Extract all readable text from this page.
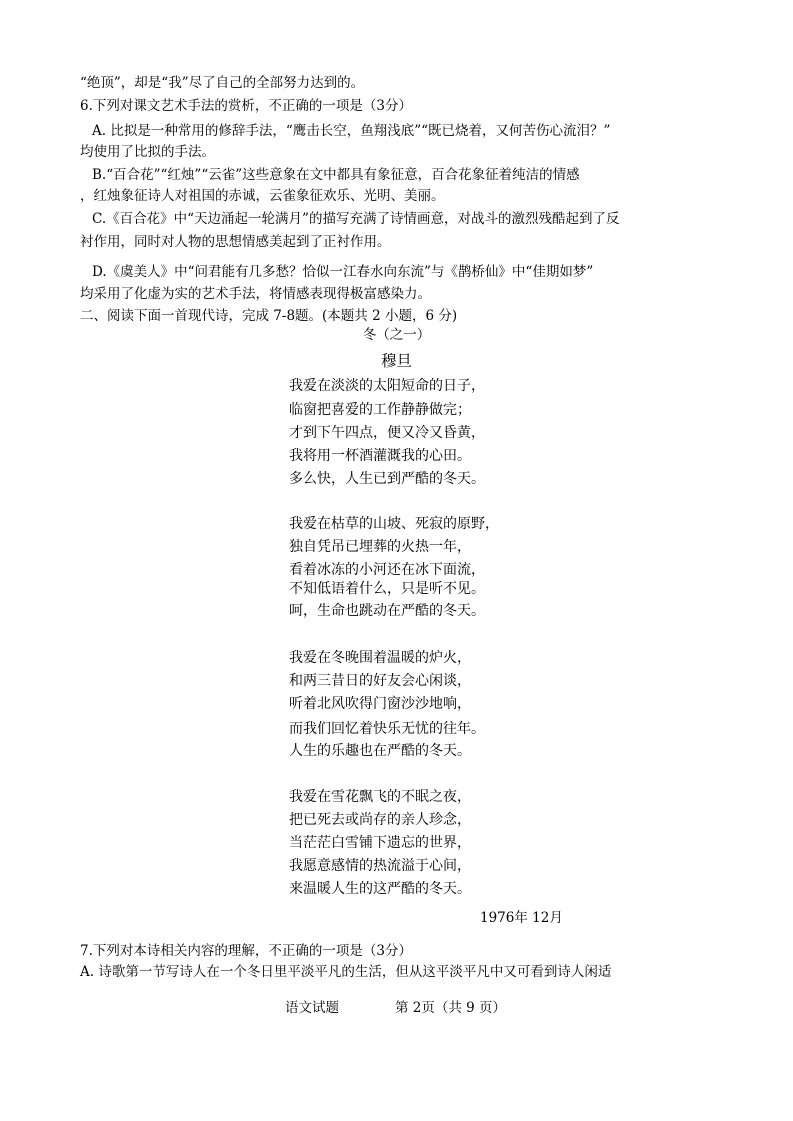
“绝顶”，却是“我”尽了自己的全部努力达到的。
6.下列对课文艺术手法的赏析，不正确的一项是（3分）
A. 比拟是一种常用的修辞手法，“鹰击长空，鱼翔浅底”“既已烧着，又何苦伤心流泪？”
均使用了比拟的手法。
B.“百合花”“红烛”“云雀”这些意象在文中都具有象征意，百合花象征着纯洁的情感
，红烛象征诗人对祖国的赤诚，云雀象征欢乐、光明、美丽。
C.《百合花》中“天边涌起一轮满月”的描写充满了诗情画意，对战斗的激烈残酷起到了反
衬作用，同时对人物的思想情感美起到了正衬作用。
D.《虞美人》中“问君能有几多愁？恰似一江春水向东流”与《鹊桥仙》中“佳期如梦”
均采用了化虚为实的艺术手法，将情感表现得极富感染力。
二、阅读下面一首现代诗，完成 7-8题。(本题共 2 小题，6 分)
冬（之一）
穆旦
我爱在淡淡的太阳短命的日子，
临窗把喜爱的工作静静做完；
才到下午四点，便又冷又昏黄，
我将用一杯酒灌溉我的心田。
多么快，人生已到严酷的冬天。
我爱在枯草的山坡、死寂的原野，
独自凭吊已埋葬的火热一年，
看着冰冻的小河还在冰下面流，
不知低语着什么，只是听不见。
呵，生命也跳动在严酷的冬天。
我爱在冬晚围着温暖的炉火，
和两三昔日的好友会心闲谈，
听着北风吹得门窗沙沙地响，
而我们回忆着快乐无忧的往年。
人生的乐趣也在严酷的冬天。
我爱在雪花飘飞的不眠之夜，
把已死去或尚存的亲人珍念，
当茫茫白雪铺下遗忘的世界，
我愿意感情的热流溢于心间，
来温暖人生的这严酷的冬天。
1976年 12月
7.下列对本诗相关内容的理解，不正确的一项是（3分）
A. 诗歌第一节写诗人在一个冬日里平淡平凡的生活，但从这平淡平凡中又可看到诗人闲适
语文试题	第 2页（共 9 页）
